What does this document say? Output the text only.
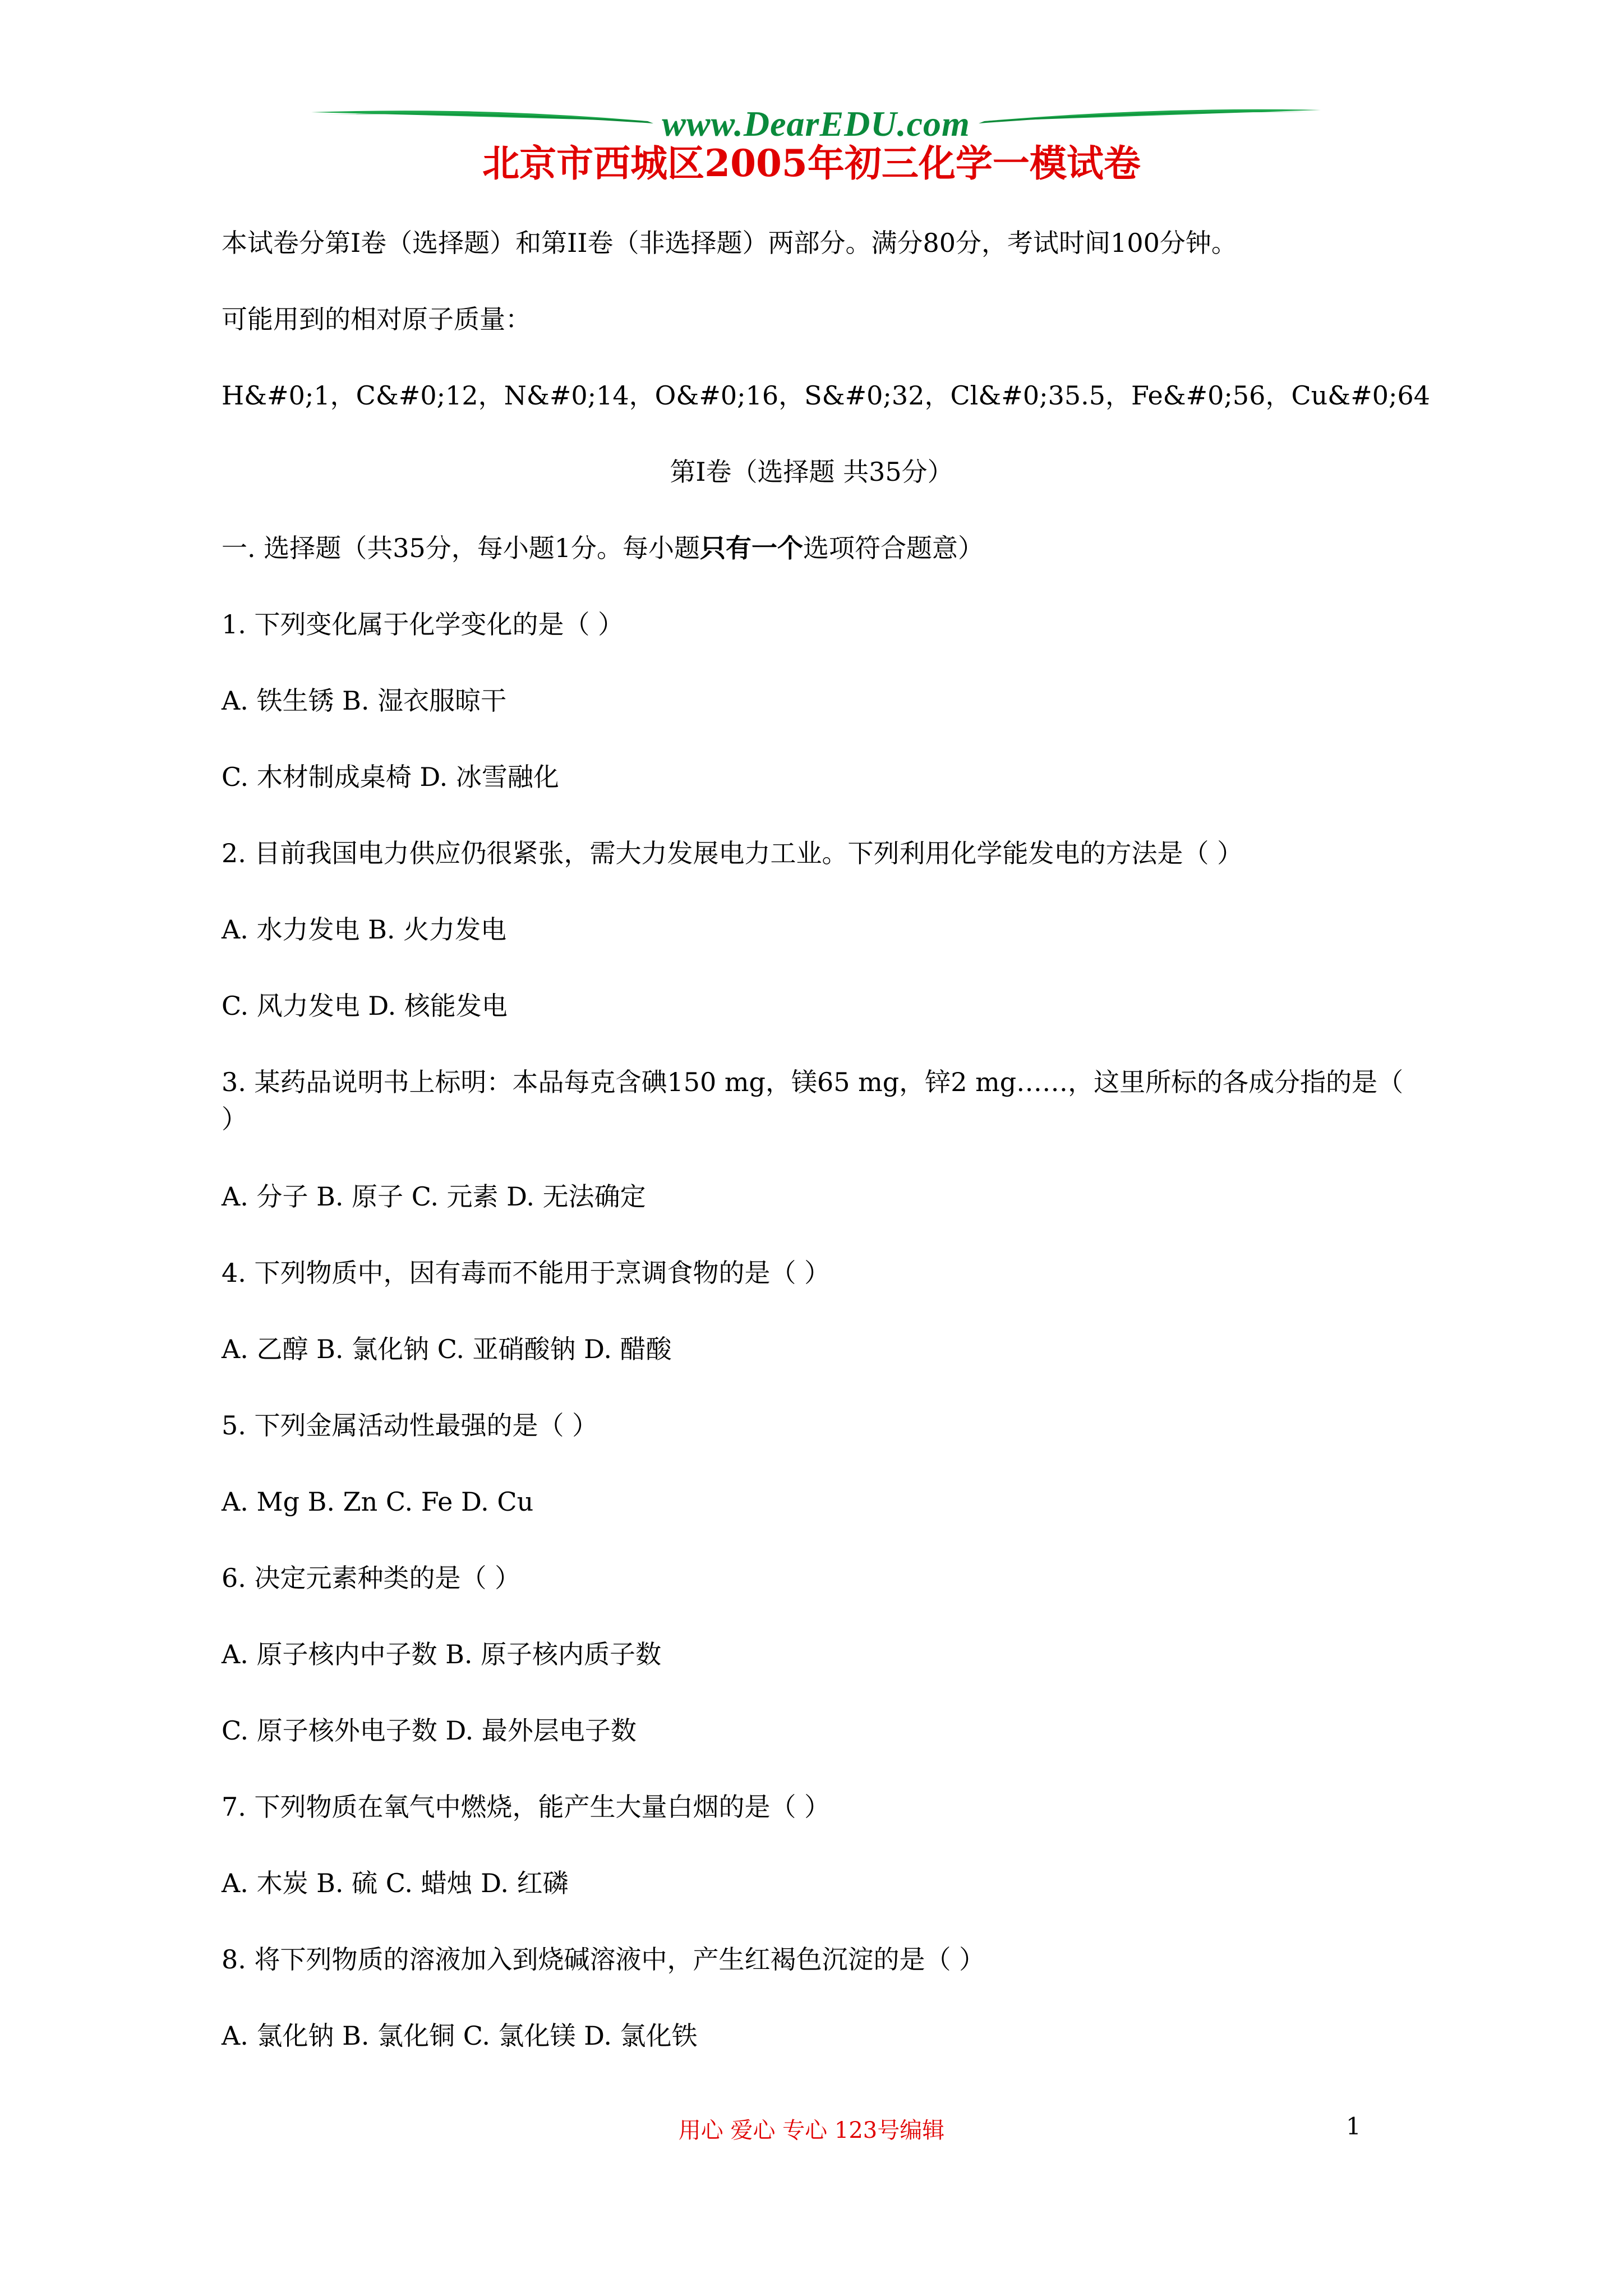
www.DearEDU.com
北京市西城区2005年初三化学一模试卷
本试卷分第I卷（选择题）和第II卷（非选择题）两部分。满分80分，考试时间100分钟。
可能用到的相对原子质量：
H&#0;1，C&#0;12，N&#0;14，O&#0;16，S&#0;32，Cl&#0;35.5，Fe&#0;56，Cu&#0;64
第I卷（选择题 共35分）
一. 选择题（共35分，每小题1分。每小题只有一个选项符合题意）
1. 下列变化属于化学变化的是（ ）
A. 铁生锈 B. 湿衣服晾干
C. 木材制成桌椅 D. 冰雪融化
2. 目前我国电力供应仍很紧张，需大力发展电力工业。下列利用化学能发电的方法是（ ）
A. 水力发电 B. 火力发电
C. 风力发电 D. 核能发电
3. 某药品说明书上标明：本品每克含碘150 mg，镁65 mg，锌2 mg……，这里所标的各成分指的是（ ）
A. 分子 B. 原子 C. 元素 D. 无法确定
4. 下列物质中，因有毒而不能用于烹调食物的是（ ）
A. 乙醇 B. 氯化钠 C. 亚硝酸钠 D. 醋酸
5. 下列金属活动性最强的是（ ）
A. Mg B. Zn C. Fe D. Cu
6. 决定元素种类的是（ ）
A. 原子核内中子数 B. 原子核内质子数
C. 原子核外电子数 D. 最外层电子数
7. 下列物质在氧气中燃烧，能产生大量白烟的是（ ）
A. 木炭 B. 硫 C. 蜡烛 D. 红磷
8. 将下列物质的溶液加入到烧碱溶液中，产生红褐色沉淀的是（ ）
A. 氯化钠 B. 氯化铜 C. 氯化镁 D. 氯化铁
用心 爱心 专心 123号编辑	1
